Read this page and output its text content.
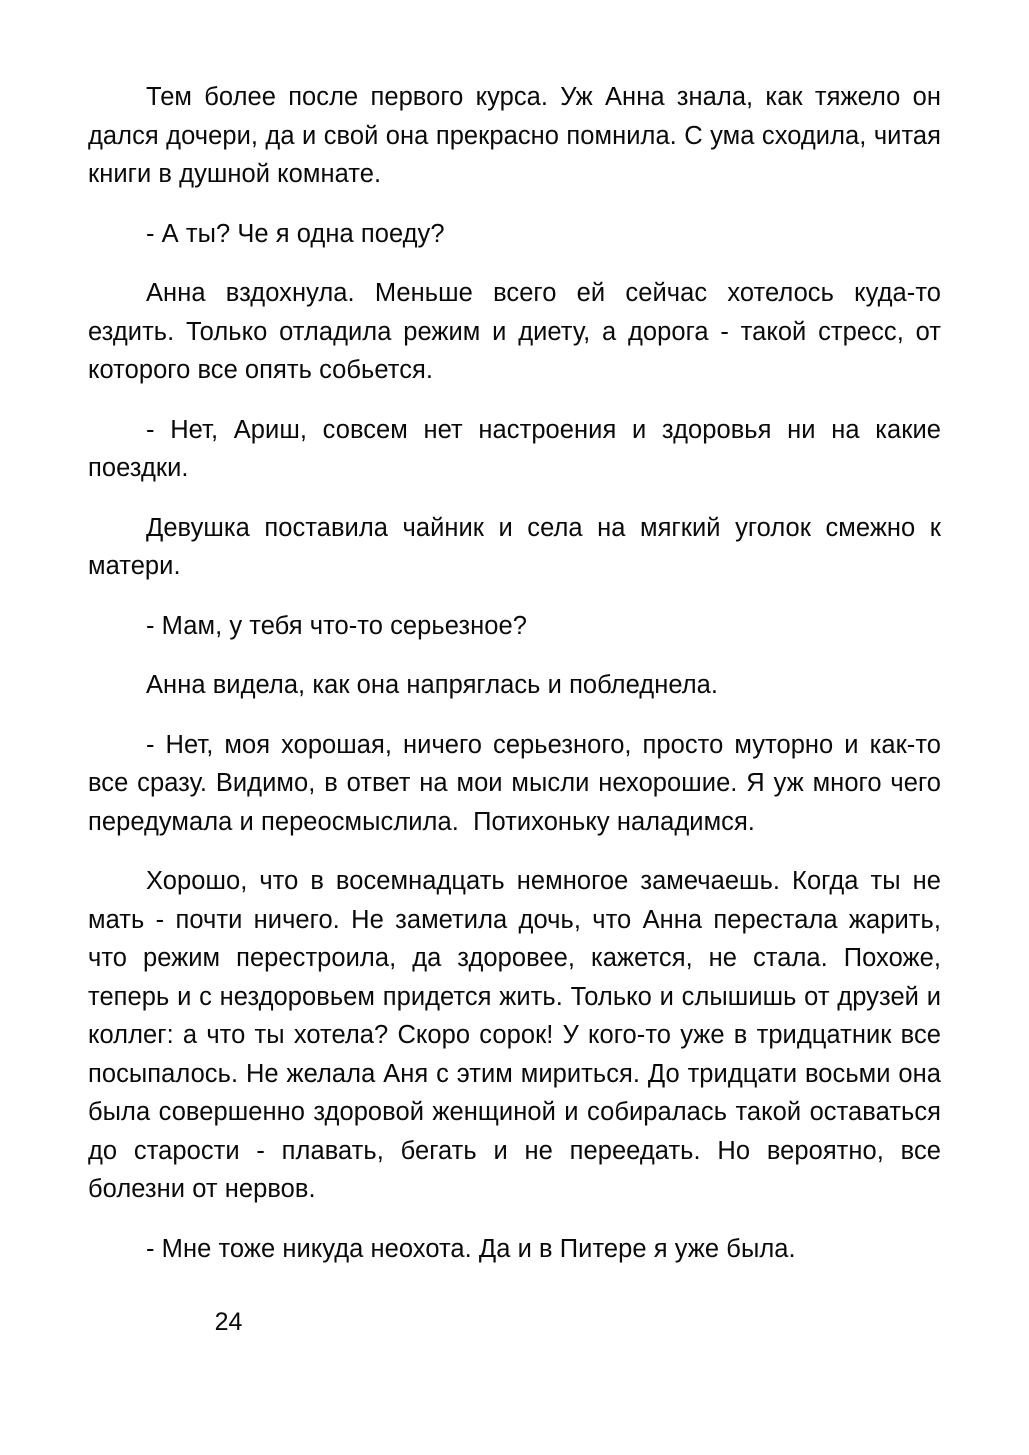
Тем более после первого курса. Уж Анна знала, как тяжело он дался дочери, да и свой она прекрасно помнила. С ума сходила, читая книги в душной комнате.

- А ты? Че я одна поеду?

Анна вздохнула. Меньше всего ей сейчас хотелось куда-то ездить. Только отладила режим и диету, а дорога - такой стресс, от которого все опять собьется.

- Нет, Ариш, совсем нет настроения и здоровья ни на какие поездки.

Девушка поставила чайник и села на мягкий уголок смежно к матери.

- Мам, у тебя что-то серьезное?

Анна видела, как она напряглась и побледнела.

- Нет, моя хорошая, ничего серьезного, просто муторно и как-то все сразу. Видимо, в ответ на мои мысли нехорошие. Я уж много чего передумала и переосмыслила.  Потихоньку наладимся.

Хорошо, что в восемнадцать немногое замечаешь. Когда ты не мать - почти ничего. Не заметила дочь, что Анна перестала жарить, что режим перестроила, да здоровее, кажется, не стала. Похоже, теперь и с нездоровьем придется жить. Только и слышишь от друзей и коллег: а что ты хотела? Скоро сорок! У кого-то уже в тридцатник все посыпалось. Не желала Аня с этим мириться. До тридцати восьми она была совершенно здоровой женщиной и собиралась такой оставаться до старости - плавать, бегать и не переедать. Но вероятно, все болезни от нервов.

- Мне тоже никуда неохота. Да и в Питере я уже была.

24
